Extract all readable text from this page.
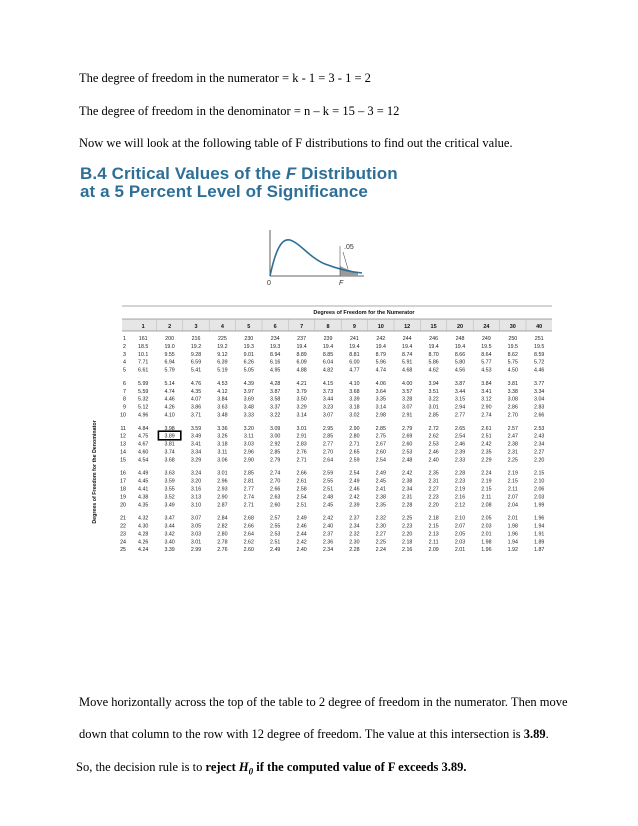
The degree of freedom in the numerator = k - 1 = 3 - 1 = 2
The degree of freedom in the denominator = n – k = 15 – 3 = 12
Now we will look at the following table of F distributions to find out the critical value.
B.4 Critical Values of the F Distribution
at a 5 Percent Level of Significance
.05
0	F
Degrees of Freedom for the Numerator
Degrees of Freedom for the Denominator
1	2	3	4	5	6	7	8	9	10	12	15	20	24	30	40
1 161	200	216	225	230	234	237	239	241	242	244	246	248	249	250	251
2 18.5	19.0	19.2	19.2	19.3	19.3	19.4	19.4	19.4	19.4	19.4	19.4	19.4	19.5	19.5	19.5
3 10.1	9.55	9.28	9.12	9.01	8.94	8.89	8.85	8.81	8.79	8.74	8.70	8.66	8.64	8.62	8.59
4 7.71	6.94	6.59	6.39	6.26	6.16	6.09	6.04	6.00	5.96	5.91	5.86	5.80	5.77	5.75	5.72
5 6.61	5.79	5.41	5.19	5.05	4.95	4.88	4.82	4.77	4.74	4.68	4.62	4.56	4.53	4.50	4.46
6 5.99	5.14	4.76	4.53	4.39	4.28	4.21	4.15	4.10	4.06	4.00	3.94	3.87	3.84	3.81	3.77
7 5.59	4.74	4.35	4.12	3.97	3.87	3.79	3.73	3.68	3.64	3.57	3.51	3.44	3.41	3.38	3.34
8 5.32	4.46	4.07	3.84	3.69	3.58	3.50	3.44	3.39	3.35	3.28	3.22	3.15	3.12	3.08	3.04
9 5.12	4.26	3.86	3.63	3.48	3.37	3.29	3.23	3.18	3.14	3.07	3.01	2.94	2.90	2.86	2.83
10 4.96	4.10	3.71	3.48	3.33	3.22	3.14	3.07	3.02	2.98	2.91	2.85	2.77	2.74	2.70	2.66
11 4.84	3.98	3.59	3.36	3.20	3.09	3.01	2.95	2.90	2.85	2.79	2.72	2.65	2.61	2.57	2.53
12 4.75	3.89	3.49	3.26	3.11	3.00	2.91	2.85	2.80	2.75	2.69	2.62	2.54	2.51	2.47	2.43
13 4.67	3.81	3.41	3.18	3.03	2.92	2.83	2.77	2.71	2.67	2.60	2.53	2.46	2.42	2.38	2.34
14 4.60	3.74	3.34	3.11	2.96	2.85	2.76	2.70	2.65	2.60	2.53	2.46	2.39	2.35	2.31	2.27
15 4.54	3.68	3.29	3.06	2.90	2.79	2.71	2.64	2.59	2.54	2.48	2.40	2.33	2.29	2.25	2.20
16 4.49	3.63	3.24	3.01	2.85	2.74	2.66	2.59	2.54	2.49	2.42	2.35	2.28	2.24	2.19	2.15
17 4.45	3.59	3.20	2.96	2.81	2.70	2.61	2.55	2.49	2.45	2.38	2.31	2.23	2.19	2.15	2.10
18 4.41	3.55	3.16	2.93	2.77	2.66	2.58	2.51	2.46	2.41	2.34	2.27	2.19	2.15	2.11	2.06
19 4.38	3.52	3.13	2.90	2.74	2.63	2.54	2.48	2.42	2.38	2.31	2.23	2.16	2.11	2.07	2.03
20 4.35	3.49	3.10	2.87	2.71	2.60	2.51	2.45	2.39	2.35	2.28	2.20	2.12	2.08	2.04	1.99
21 4.32	3.47	3.07	2.84	2.68	2.57	2.49	2.42	2.37	2.32	2.25	2.18	2.10	2.05	2.01	1.96
22 4.30	3.44	3.05	2.82	2.66	2.55	2.46	2.40	2.34	2.30	2.23	2.15	2.07	2.03	1.98	1.94
23 4.28	3.42	3.03	2.80	2.64	2.53	2.44	2.37	2.32	2.27	2.20	2.13	2.05	2.01	1.96	1.91
24 4.26	3.40	3.01	2.78	2.62	2.51	2.42	2.36	2.30	2.25	2.18	2.11	2.03	1.98	1.94	1.89
25 4.24	3.39	2.99	2.76	2.60	2.49	2.40	2.34	2.28	2.24	2.16	2.09	2.01	1.96	1.92	1.87
Move horizontally across the top of the table to 2 degree of freedom in the numerator. Then move
down that column to the row with 12 degree of freedom. The value at this intersection is 3.89.
So, the decision rule is to reject $H_0$ if the computed value of F exceeds 3.89.
